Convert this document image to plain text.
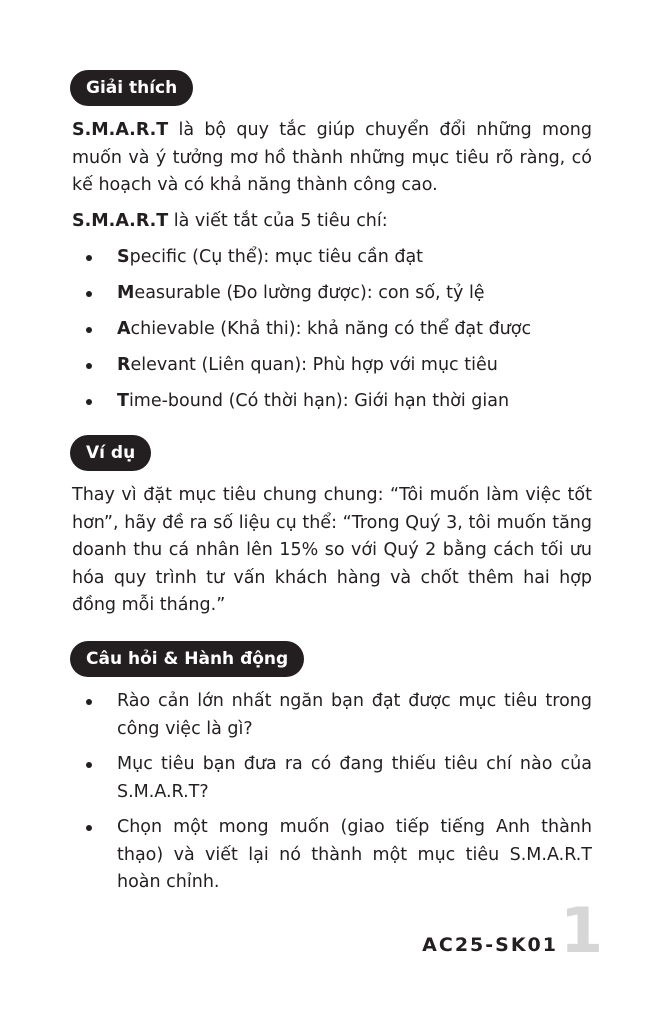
Giải thích

S.M.A.R.T là bộ quy tắc giúp chuyển đổi những mong muốn và ý tưởng mơ hồ thành những mục tiêu rõ ràng, có kế hoạch và có khả năng thành công cao.

S.M.A.R.T là viết tắt của 5 tiêu chí:

Specific (Cụ thể): mục tiêu cần đạt
Measurable (Đo lường được): con số, tỷ lệ
Achievable (Khả thi): khả năng có thể đạt được
Relevant (Liên quan): Phù hợp với mục tiêu
Time-bound (Có thời hạn): Giới hạn thời gian
Ví dụ

Thay vì đặt mục tiêu chung chung: “Tôi muốn làm việc tốt hơn”, hãy đề ra số liệu cụ thể: “Trong Quý 3, tôi muốn tăng doanh thu cá nhân lên 15% so với Quý 2 bằng cách tối ưu hóa quy trình tư vấn khách hàng và chốt thêm hai hợp đồng mỗi tháng.”

Câu hỏi & Hành động
Rào cản lớn nhất ngăn bạn đạt được mục tiêu trong công việc là gì?
Mục tiêu bạn đưa ra có đang thiếu tiêu chí nào của S.M.A.R.T?
Chọn một mong muốn (giao tiếp tiếng Anh thành thạo) và viết lại nó thành một mục tiêu S.M.A.R.T hoàn chỉnh.
AC25-SK01 1
